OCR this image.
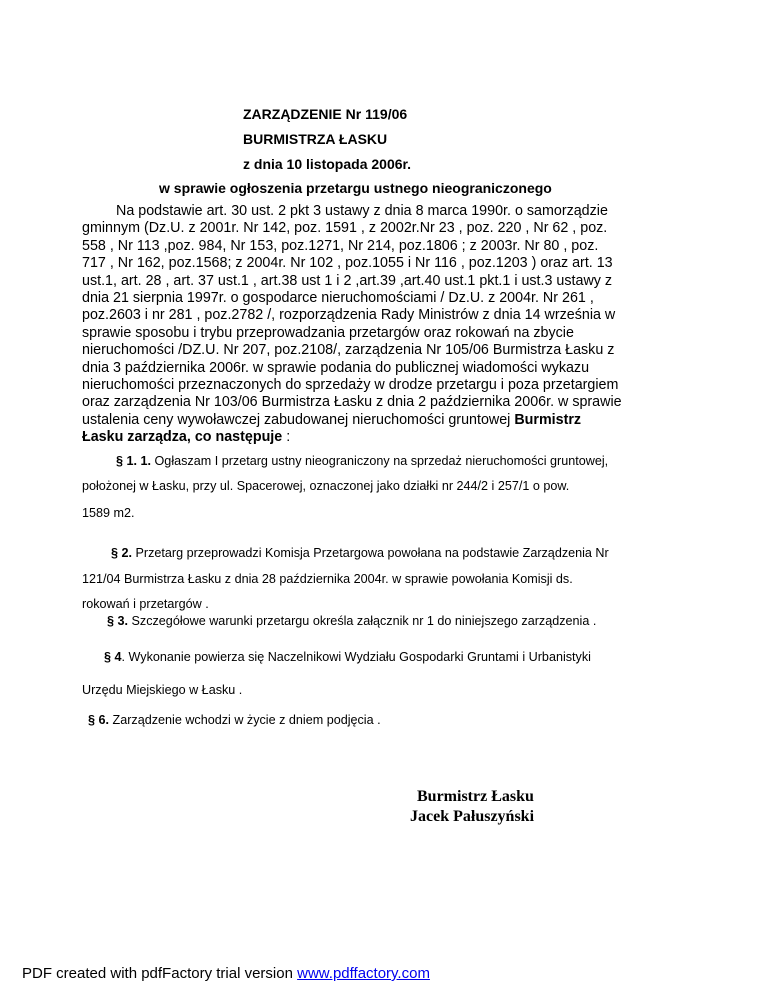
ZARZĄDZENIE Nr 119/06
BURMISTRZA ŁASKU
z dnia 10 listopada 2006r.
w sprawie ogłoszenia przetargu ustnego nieograniczonego
Na podstawie art. 30 ust. 2 pkt 3 ustawy z dnia 8 marca 1990r. o samorządzie
gminnym (Dz.U. z 2001r. Nr 142, poz. 1591 , z 2002r.Nr 23 , poz. 220 , Nr 62 , poz.
558 , Nr 113 ,poz. 984, Nr 153, poz.1271, Nr 214, poz.1806 ; z 2003r. Nr 80 , poz.
717 , Nr 162, poz.1568; z 2004r. Nr 102 , poz.1055 i Nr 116 , poz.1203 ) oraz art. 13
ust.1, art. 28 , art. 37 ust.1 , art.38 ust 1 i 2 ,art.39 ,art.40 ust.1 pkt.1 i ust.3 ustawy z
dnia 21 sierpnia 1997r. o gospodarce nieruchomościami / Dz.U. z 2004r. Nr 261 ,
poz.2603 i nr 281 , poz.2782 /, rozporządzenia Rady Ministrów z dnia 14 września w
sprawie sposobu i trybu przeprowadzania przetargów oraz rokowań na zbycie
nieruchomości /DZ.U. Nr 207, poz.2108/, zarządzenia Nr 105/06 Burmistrza Łasku z
dnia 3 października 2006r. w sprawie podania do publicznej wiadomości wykazu
nieruchomości przeznaczonych do sprzedaży w drodze przetargu i poza przetargiem
oraz zarządzenia Nr 103/06 Burmistrza Łasku z dnia 2 października 2006r. w sprawie
ustalenia ceny wywoławczej zabudowanej nieruchomości gruntowej Burmistrz
Łasku zarządza, co następuje :
§ 1. 1. Ogłaszam I przetarg ustny nieograniczony na sprzedaż nieruchomości gruntowej,
położonej w Łasku, przy ul. Spacerowej, oznaczonej jako działki nr 244/2 i 257/1 o pow.
1589 m2.
§ 2. Przetarg przeprowadzi Komisja Przetargowa powołana na podstawie Zarządzenia Nr
121/04 Burmistrza Łasku z dnia 28 października 2004r. w sprawie powołania Komisji ds.
rokowań i przetargów .
§ 3. Szczegółowe warunki przetargu określa załącznik nr 1 do niniejszego zarządzenia .
§ 4. Wykonanie powierza się Naczelnikowi Wydziału Gospodarki Gruntami i Urbanistyki
Urzędu Miejskiego w Łasku .
§ 6. Zarządzenie wchodzi w życie z dniem podjęcia .
Burmistrz Łasku
Jacek Pałuszyński
PDF created with pdfFactory trial version www.pdffactory.com
